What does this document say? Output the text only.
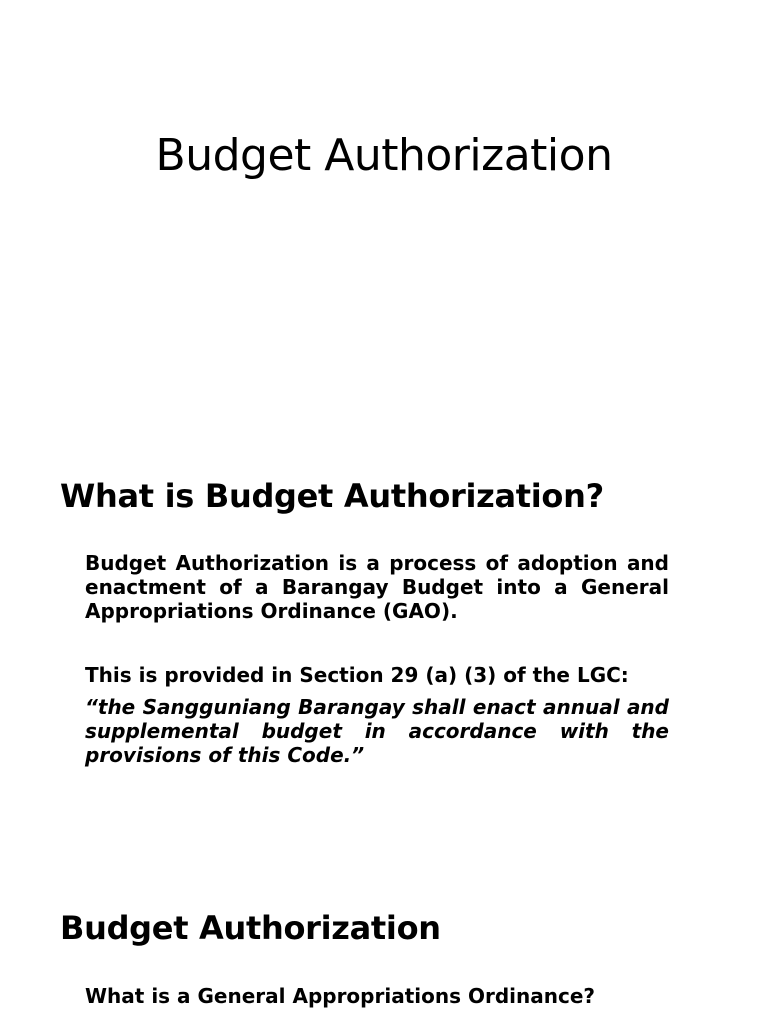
Budget Authorization
What is Budget Authorization?

Budget Authorization is a process of adoption and enactment of a Barangay Budget into a General Appropriations Ordinance (GAO).

This is provided in Section 29 (a) (3) of the LGC:

“the Sangguniang Barangay shall enact annual and supplemental budget in accordance with the provisions of this Code.”

Budget Authorization

What is a General Appropriations Ordinance?
